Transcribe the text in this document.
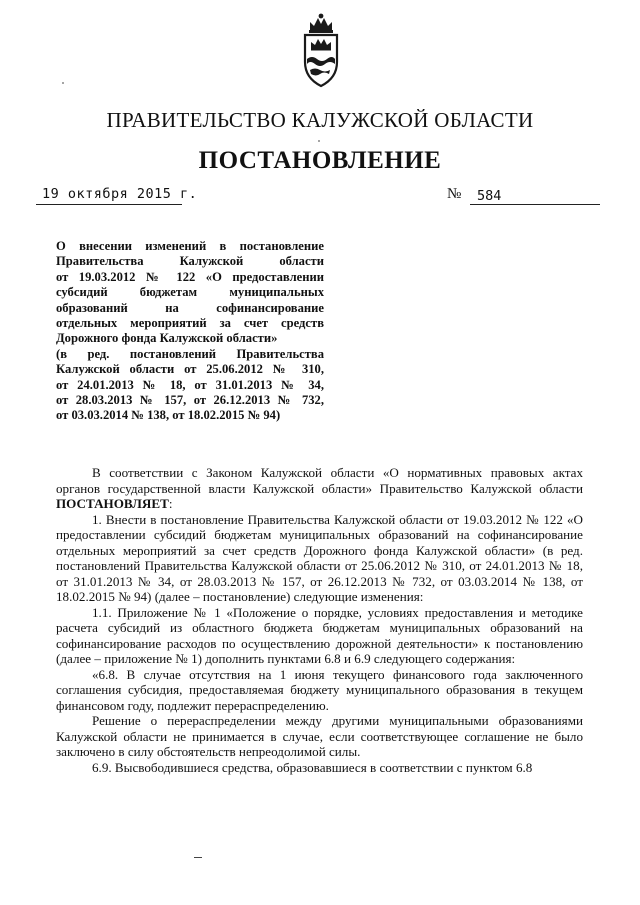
ПРАВИТЕЛЬСТВО КАЛУЖСКОЙ ОБЛАСТИ
ПОСТАНОВЛЕНИЕ
19 октября 2015 г.	№ 584
О внесении изменений в постановление
Правительства Калужской области
от 19.03.2012 № 122 «О предоставлении
субсидий бюджетам муниципальных
образований на софинансирование
отдельных мероприятий за счет средств
Дорожного фонда Калужской области»
(в ред. постановлений Правительства
Калужской области от 25.06.2012 № 310,
от 24.01.2013 № 18, от 31.01.2013 № 34,
от 28.03.2013 № 157, от 26.12.2013 № 732,
от 03.03.2014 № 138, от 18.02.2015 № 94)

В соответствии с Законом Калужской области «О нормативных правовых актах органов государственной власти Калужской области» Правительство Калужской области ПОСТАНОВЛЯЕТ:

1. Внести в постановление Правительства Калужской области от 19.03.2012 № 122 «О предоставлении субсидий бюджетам муниципальных образований на софинансирование отдельных мероприятий за счет средств Дорожного фонда Калужской области» (в ред. постановлений Правительства Калужской области от 25.06.2012 № 310, от 24.01.2013 № 18, от 31.01.2013 № 34, от 28.03.2013 № 157, от 26.12.2013 № 732, от 03.03.2014 № 138, от 18.02.2015 № 94) (далее – постановление) следующие изменения:

1.1. Приложение № 1 «Положение о порядке, условиях предоставления и методике расчета субсидий из областного бюджета бюджетам муниципальных образований на софинансирование расходов по осуществлению дорожной деятельности» к постановлению (далее – приложение № 1) дополнить пунктами 6.8 и 6.9 следующего содержания:

«6.8. В случае отсутствия на 1 июня текущего финансового года заключенного соглашения субсидия, предоставляемая бюджету муниципального образования в текущем финансовом году, подлежит перераспределению.

Решение о перераспределении между другими муниципальными образованиями Калужской области не принимается в случае, если соответствующее соглашение не было заключено в силу обстоятельств непреодолимой силы.

6.9. Высвободившиеся средства, образовавшиеся в соответствии с пунктом 6.8
